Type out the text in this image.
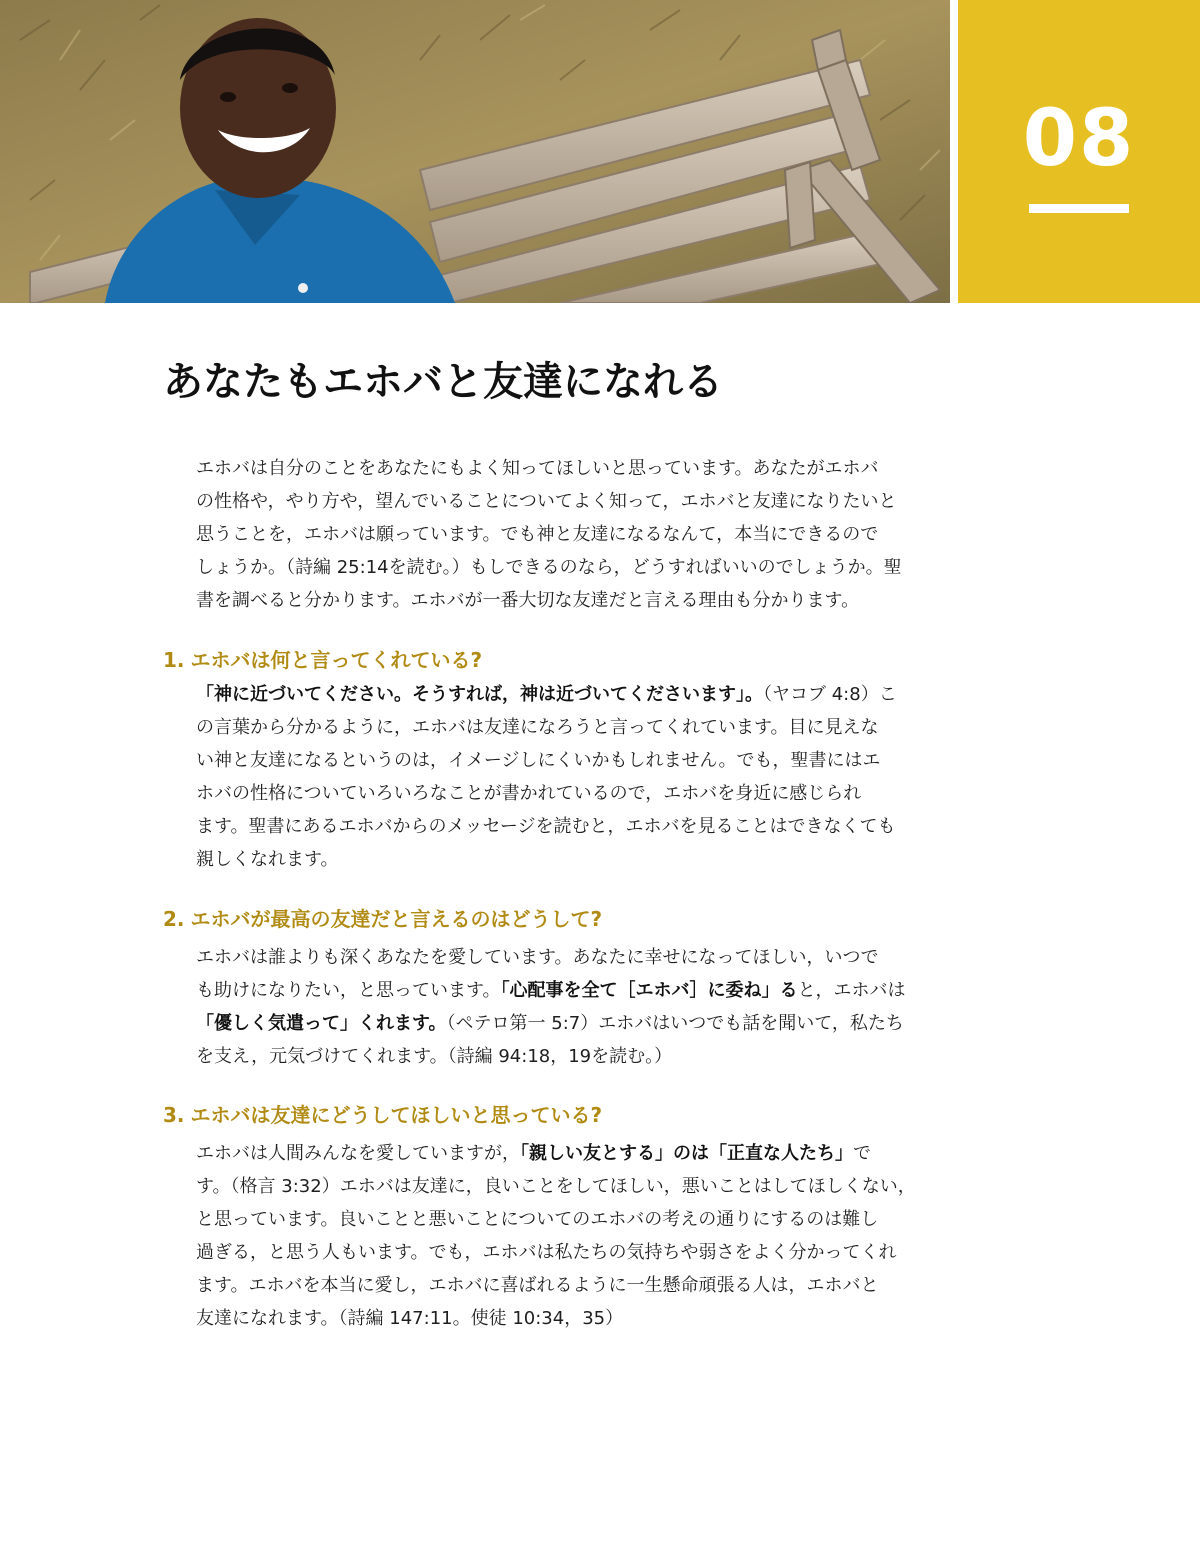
08
あなたもエホバと友達になれる

エホバは自分のことをあなたにもよく知ってほしいと思っています。あなたがエホバ
の性格や，やり方や，望んでいることについてよく知って，エホバと友達になりたいと
思うことを，エホバは願っています。でも神と友達になるなんて，本当にできるので
しょうか。（詩編 25:14を読む。）もしできるのなら，どうすればいいのでしょうか。聖
書を調べると分かります。エホバが一番大切な友達だと言える理由も分かります。

1. エホバは何と言ってくれている?

「神に近づいてください。そうすれば，神は近づいてくださいます」。（ヤコブ 4:8）こ
の言葉から分かるように，エホバは友達になろうと言ってくれています。目に見えな
い神と友達になるというのは，イメージしにくいかもしれません。でも，聖書にはエ
ホバの性格についていろいろなことが書かれているので，エホバを身近に感じられ
ます。聖書にあるエホバからのメッセージを読むと，エホバを見ることはできなくても
親しくなれます。

2. エホバが最高の友達だと言えるのはどうして?

エホバは誰よりも深くあなたを愛しています。あなたに幸せになってほしい，いつで
も助けになりたい，と思っています。「心配事を全て［エホバ］に委ね」ると，エホバは
「優しく気遣って」くれます。（ペテロ第一 5:7）エホバはいつでも話を聞いて，私たち
を支え，元気づけてくれます。（詩編 94:18，19を読む。）

3. エホバは友達にどうしてほしいと思っている?

エホバは人間みんなを愛していますが，「親しい友とする」のは「正直な人たち」で
す。（格言 3:32）エホバは友達に，良いことをしてほしい，悪いことはしてほしくない，
と思っています。良いことと悪いことについてのエホバの考えの通りにするのは難し
過ぎる，と思う人もいます。でも，エホバは私たちの気持ちや弱さをよく分かってくれ
ます。エホバを本当に愛し，エホバに喜ばれるように一生懸命頑張る人は，エホバと
友達になれます。（詩編 147:11。使徒 10:34，35）
